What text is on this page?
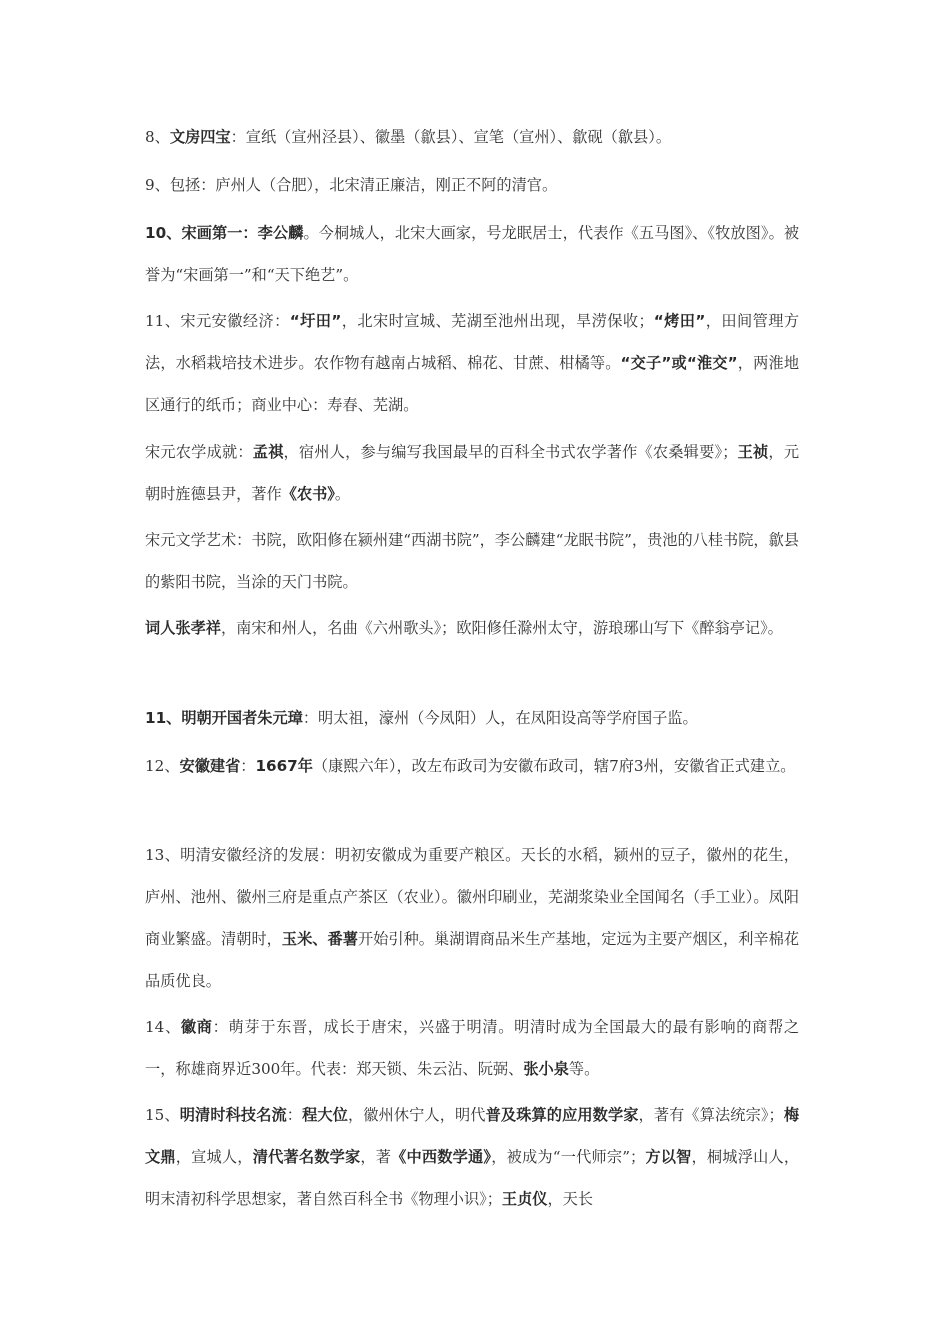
8、文房四宝：宣纸（宣州泾县）、徽墨（歙县）、宣笔（宣州）、歙砚（歙县）。

9、包拯：庐州人（合肥），北宋清正廉洁，刚正不阿的清官。

10、宋画第一：李公麟。今桐城人，北宋大画家，号龙眠居士，代表作《五马图》、《牧放图》。被誉为“宋画第一”和“天下绝艺”。

11、宋元安徽经济：“圩田”，北宋时宣城、芜湖至池州出现，旱涝保收；“烤田”，田间管理方法，水稻栽培技术进步。农作物有越南占城稻、棉花、甘蔗、柑橘等。“交子”或“淮交”，两淮地区通行的纸币；商业中心：寿春、芜湖。

宋元农学成就：孟祺，宿州人，参与编写我国最早的百科全书式农学著作《农桑辑要》；王祯，元朝时旌德县尹，著作《农书》。

宋元文学艺术：书院，欧阳修在颍州建“西湖书院”，李公麟建“龙眠书院”，贵池的八桂书院，歙县的紫阳书院，当涂的天门书院。

词人张孝祥，南宋和州人，名曲《六州歌头》；欧阳修任滁州太守，游琅琊山写下《醉翁亭记》。

11、明朝开国者朱元璋：明太祖，濠州（今凤阳）人，在凤阳设高等学府国子监。

12、安徽建省：1667年（康熙六年），改左布政司为安徽布政司，辖7府3州，安徽省正式建立。

13、明清安徽经济的发展：明初安徽成为重要产粮区。天长的水稻，颍州的豆子，徽州的花生，庐州、池州、徽州三府是重点产茶区（农业）。徽州印刷业，芜湖浆染业全国闻名（手工业）。凤阳商业繁盛。清朝时，玉米、番薯开始引种。巢湖谓商品米生产基地，定远为主要产烟区，利辛棉花品质优良。

14、徽商：萌芽于东晋，成长于唐宋，兴盛于明清。明清时成为全国最大的最有影响的商帮之一，称雄商界近300年。代表：郑天锁、朱云沾、阮弼、张小泉等。

15、明清时科技名流：程大位，徽州休宁人，明代普及珠算的应用数学家，著有《算法统宗》；梅文鼎，宣城人，清代著名数学家，著《中西数学通》，被成为“一代师宗”；方以智，桐城浮山人，明末清初科学思想家，著自然百科全书《物理小识》；王贞仪，天长
